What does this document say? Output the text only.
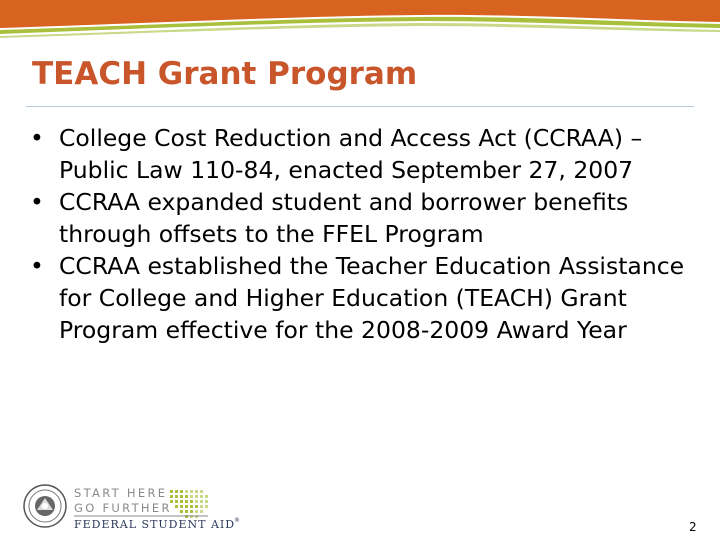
TEACH Grant Program
• College Cost Reduction and Access Act (CCRAA) – Public Law 110-84, enacted September 27, 2007
• CCRAA expanded student and borrower benefits through offsets to the FFEL Program
• CCRAA established the Teacher Education Assistance for College and Higher Education (TEACH) Grant Program effective for the 2008-2009 Award Year
START HERE
GO FURTHER
FEDERAL STUDENT AID
®	2
